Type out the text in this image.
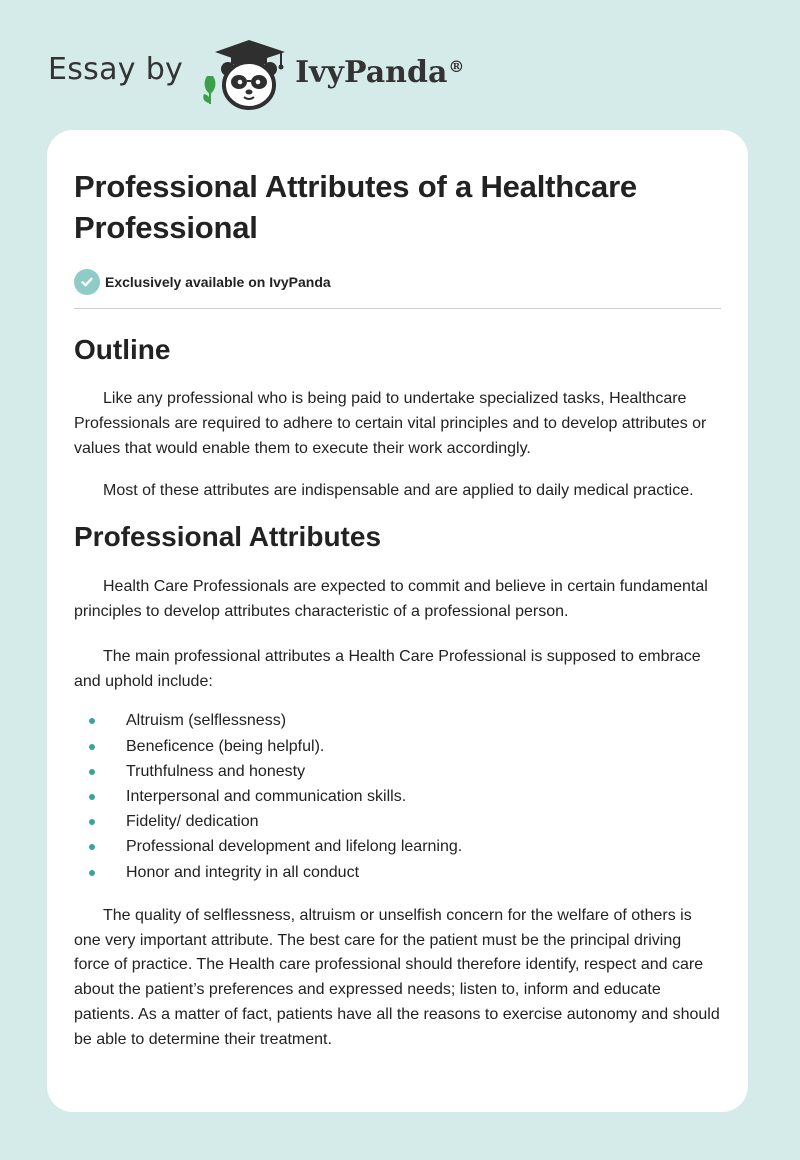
Essay by	IvyPanda®
Professional Attributes of a Healthcare Professional
Exclusively available on IvyPanda
Outline

Like any professional who is being paid to undertake specialized tasks, Healthcare Professionals are required to adhere to certain vital principles and to develop attributes or values that would enable them to execute their work accordingly.

Most of these attributes are indispensable and are applied to daily medical practice.

Professional Attributes

Health Care Professionals are expected to commit and believe in certain fundamental principles to develop attributes characteristic of a professional person.

The main professional attributes a Health Care Professional is supposed to embrace and uphold include:

Altruism (selflessness)
Beneficence (being helpful).
Truthfulness and honesty
Interpersonal and communication skills.
Fidelity/ dedication
Professional development and lifelong learning.
Honor and integrity in all conduct

The quality of selflessness, altruism or unselfish concern for the welfare of others is one very important attribute. The best care for the patient must be the principal driving force of practice. The Health care professional should therefore identify, respect and care about the patient’s preferences and expressed needs; listen to, inform and educate patients. As a matter of fact, patients have all the reasons to exercise autonomy and should be able to determine their treatment.
